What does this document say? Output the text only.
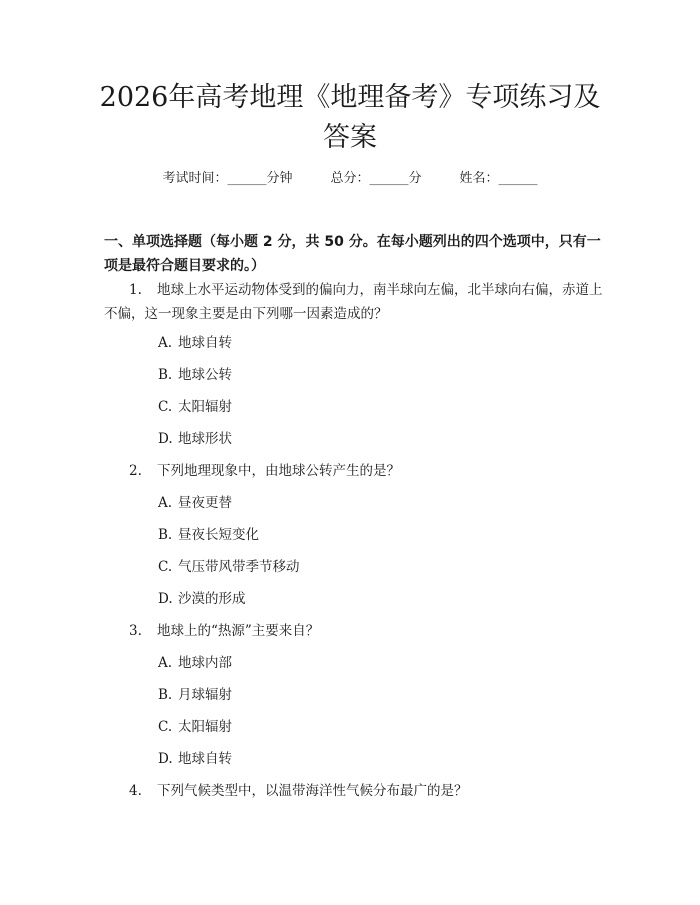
2026年高考地理《地理备考》专项练习及答案
考试时间：______分钟	总分：______分	姓名：______
一、单项选择题（每小题 2 分，共 50 分。在每小题列出的四个选项中，只有一项是最符合题目要求的。）
1. 地球上水平运动物体受到的偏向力，南半球向左偏，北半球向右偏，赤道上不偏，这一现象主要是由下列哪一因素造成的？
A. 地球自转
B. 地球公转
C. 太阳辐射
D. 地球形状
2. 下列地理现象中，由地球公转产生的是？
A. 昼夜更替
B. 昼夜长短变化
C. 气压带风带季节移动
D. 沙漠的形成
3. 地球上的“热源”主要来自？
A. 地球内部
B. 月球辐射
C. 太阳辐射
D. 地球自转
4. 下列气候类型中，以温带海洋性气候分布最广的是？
